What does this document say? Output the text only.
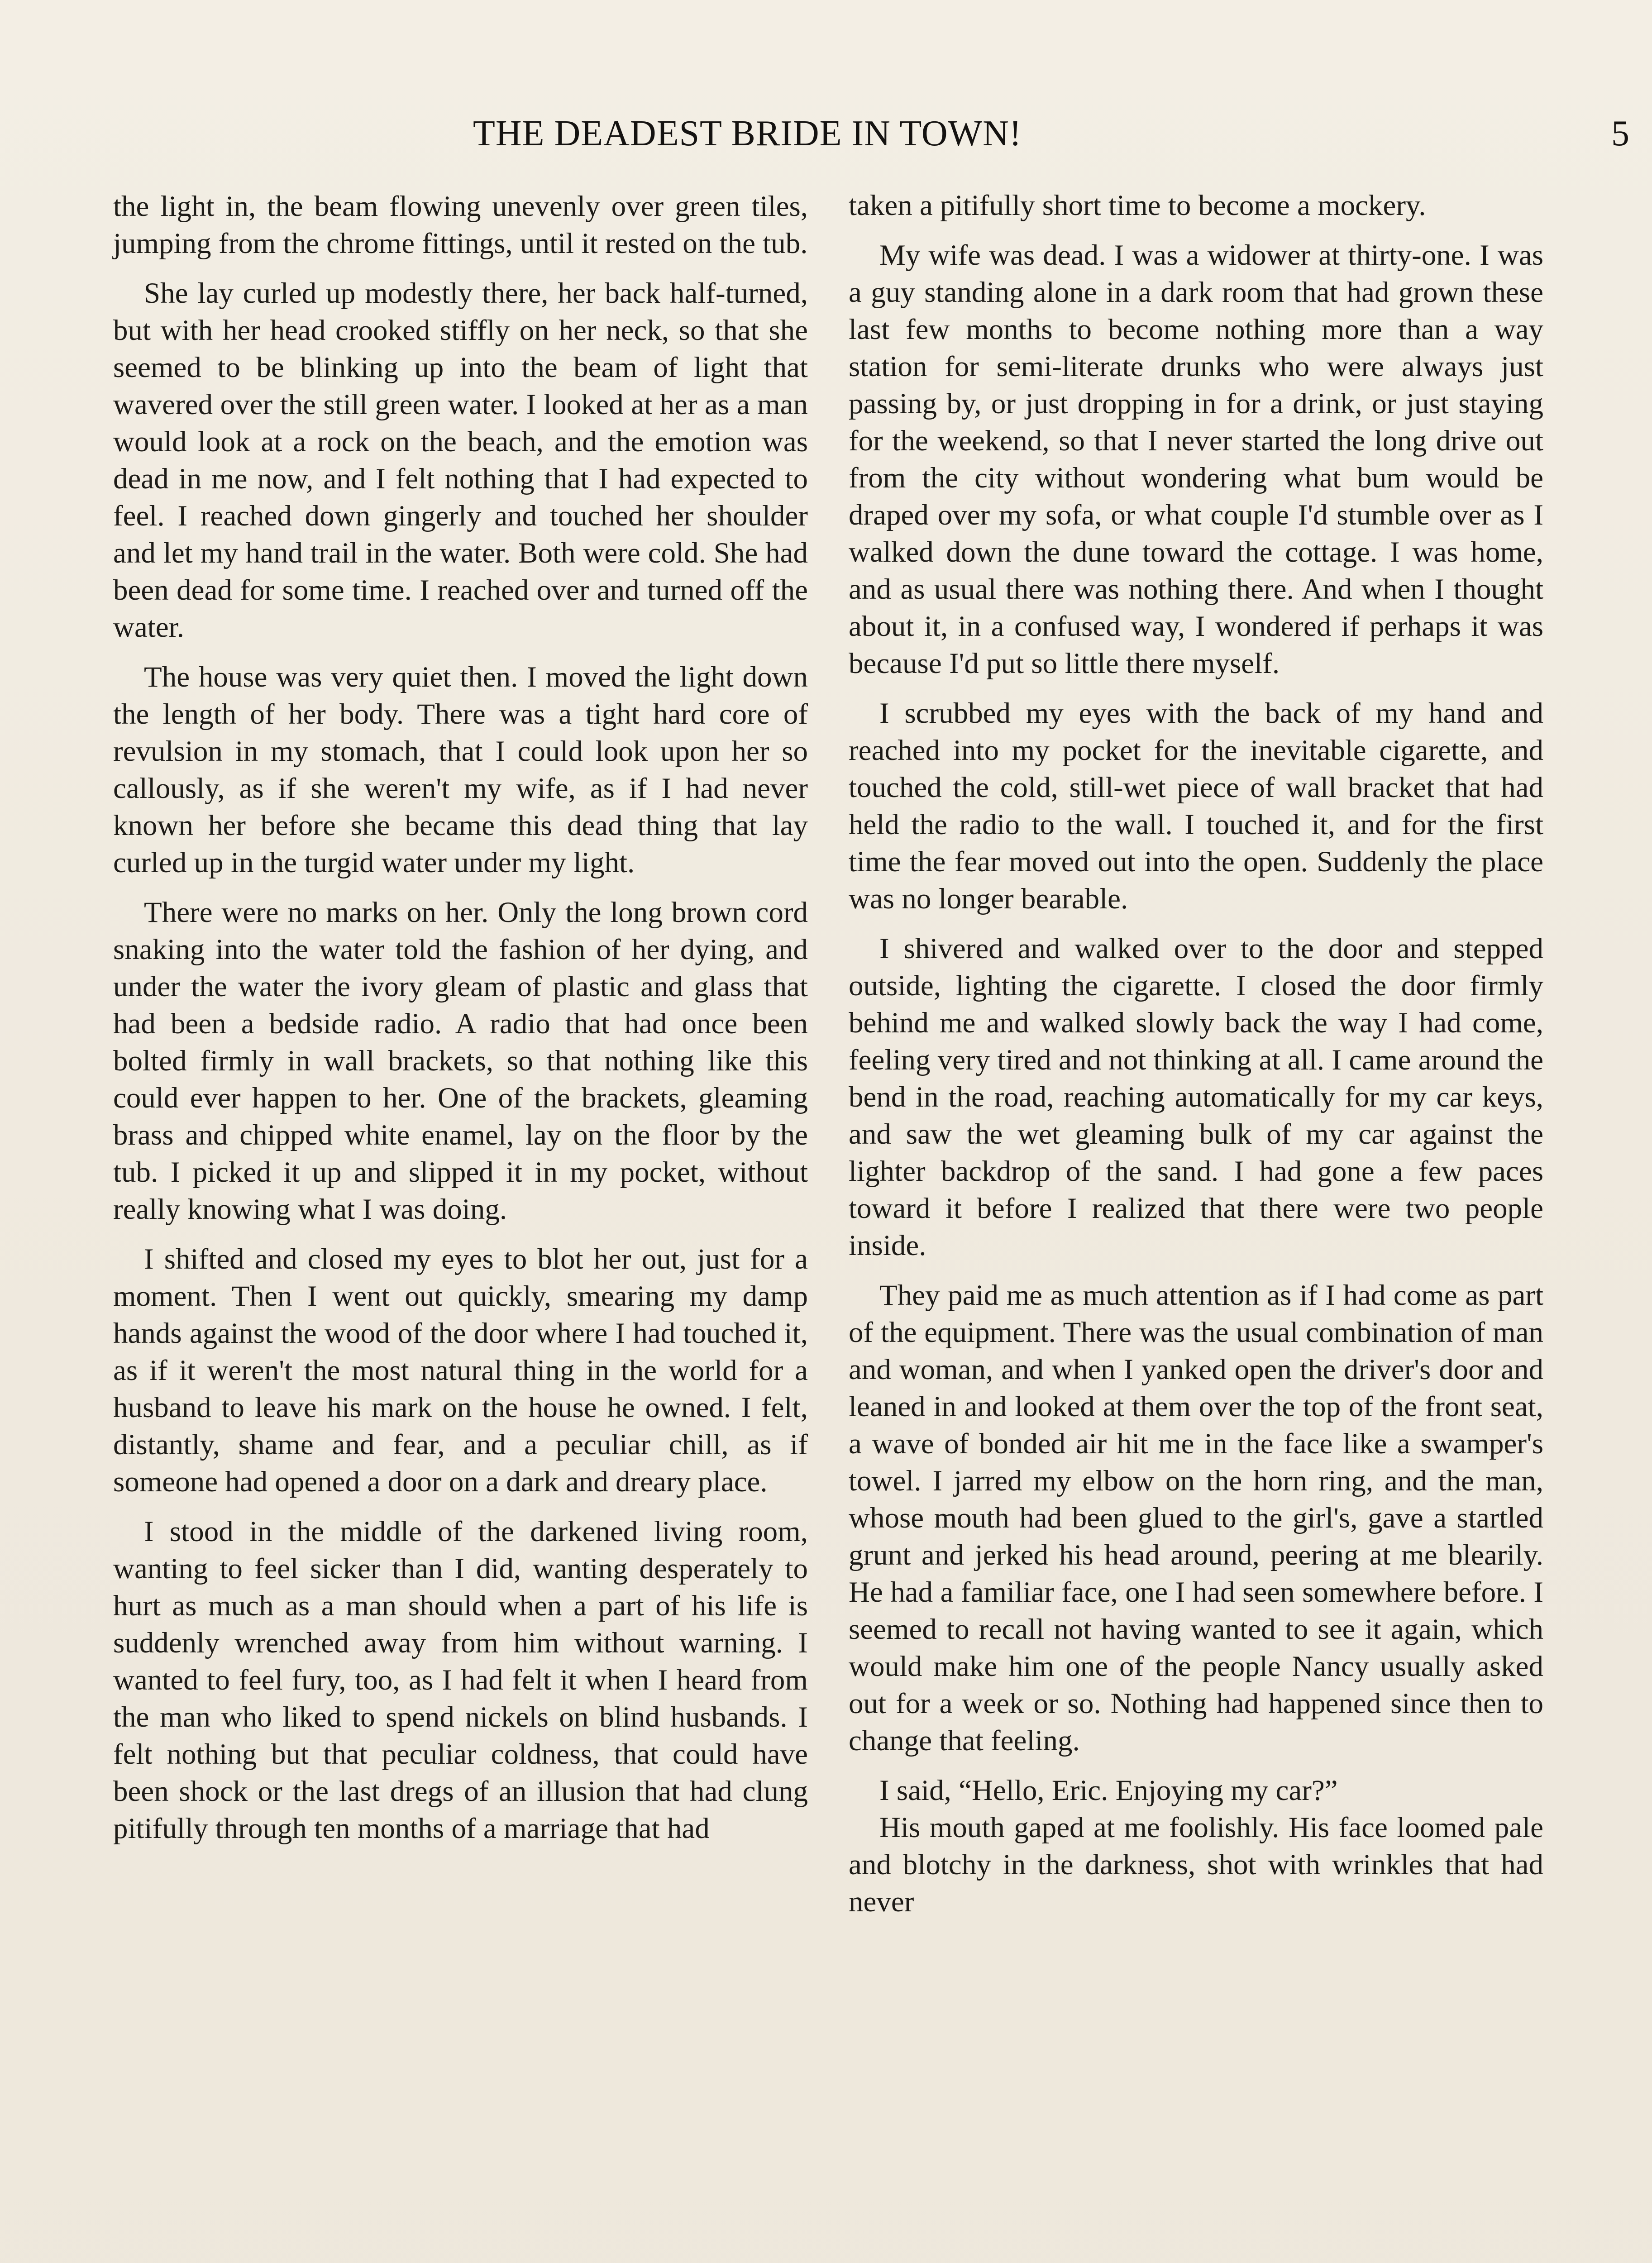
THE DEADEST BRIDE IN TOWN!	5

the light in, the beam flowing unevenly over green tiles, jumping from the chrome fittings, until it rested on the tub.

She lay curled up modestly there, her back half-turned, but with her head crooked stiffly on her neck, so that she seemed to be blinking up into the beam of light that wavered over the still green water. I looked at her as a man would look at a rock on the beach, and the emotion was dead in me now, and I felt nothing that I had expected to feel. I reached down gingerly and touched her shoulder and let my hand trail in the water. Both were cold. She had been dead for some time. I reached over and turned off the water.

The house was very quiet then. I moved the light down the length of her body. There was a tight hard core of revulsion in my stomach, that I could look upon her so callously, as if she weren't my wife, as if I had never known her before she became this dead thing that lay curled up in the turgid water under my light.

There were no marks on her. Only the long brown cord snaking into the water told the fashion of her dying, and under the water the ivory gleam of plastic and glass that had been a bedside radio. A radio that had once been bolted firmly in wall brackets, so that nothing like this could ever happen to her. One of the brackets, gleaming brass and chipped white enamel, lay on the floor by the tub. I picked it up and slipped it in my pocket, without really knowing what I was doing.

I shifted and closed my eyes to blot her out, just for a moment. Then I went out quickly, smearing my damp hands against the wood of the door where I had touched it, as if it weren't the most natural thing in the world for a husband to leave his mark on the house he owned. I felt, distantly, shame and fear, and a peculiar chill, as if someone had opened a door on a dark and dreary place.

I stood in the middle of the darkened living room, wanting to feel sicker than I did, wanting desperately to hurt as much as a man should when a part of his life is suddenly wrenched away from him without warning. I wanted to feel fury, too, as I had felt it when I heard from the man who liked to spend nickels on blind husbands. I felt nothing but that peculiar coldness, that could have been shock or the last dregs of an illusion that had clung pitifully through ten months of a marriage that had

taken a pitifully short time to become a mockery.

My wife was dead. I was a widower at thirty-one. I was a guy standing alone in a dark room that had grown these last few months to become nothing more than a way station for semi-literate drunks who were always just passing by, or just dropping in for a drink, or just staying for the weekend, so that I never started the long drive out from the city without wondering what bum would be draped over my sofa, or what couple I'd stumble over as I walked down the dune toward the cottage. I was home, and as usual there was nothing there. And when I thought about it, in a confused way, I wondered if perhaps it was because I'd put so little there myself.

I scrubbed my eyes with the back of my hand and reached into my pocket for the inevitable cigarette, and touched the cold, still-wet piece of wall bracket that had held the radio to the wall. I touched it, and for the first time the fear moved out into the open. Suddenly the place was no longer bearable.

I shivered and walked over to the door and stepped outside, lighting the cigarette. I closed the door firmly behind me and walked slowly back the way I had come, feeling very tired and not thinking at all. I came around the bend in the road, reaching automatically for my car keys, and saw the wet gleaming bulk of my car against the lighter backdrop of the sand. I had gone a few paces toward it before I realized that there were two people inside.

They paid me as much attention as if I had come as part of the equipment. There was the usual combination of man and woman, and when I yanked open the driver's door and leaned in and looked at them over the top of the front seat, a wave of bonded air hit me in the face like a swamper's towel. I jarred my elbow on the horn ring, and the man, whose mouth had been glued to the girl's, gave a startled grunt and jerked his head around, peering at me blearily. He had a familiar face, one I had seen somewhere before. I seemed to recall not having wanted to see it again, which would make him one of the people Nancy usually asked out for a week or so. Nothing had happened since then to change that feeling.

I said, “Hello, Eric. Enjoying my car?”

His mouth gaped at me foolishly. His face loomed pale and blotchy in the darkness, shot with wrinkles that had never
